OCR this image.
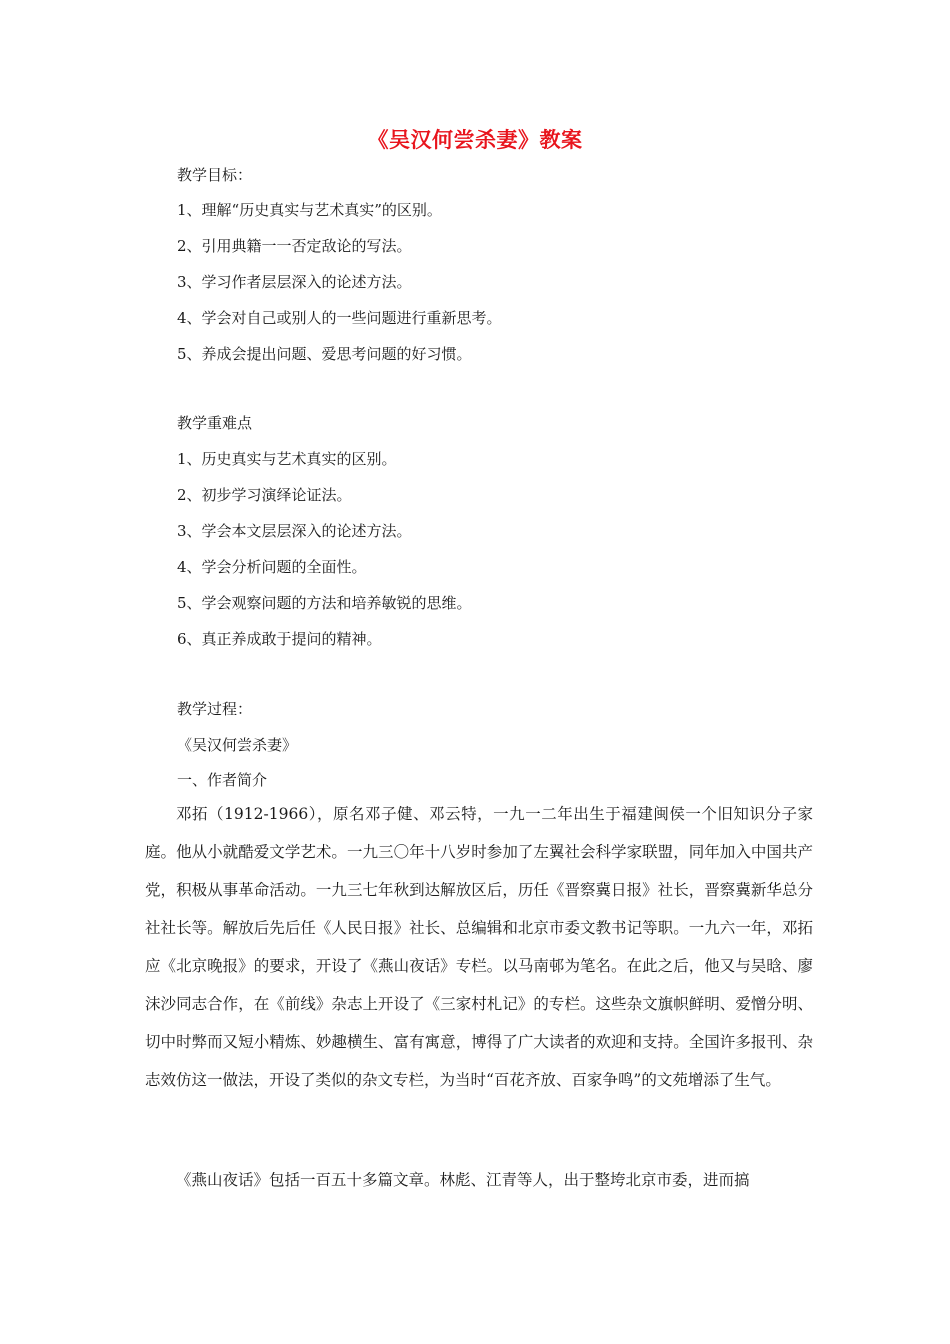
《吴汉何尝杀妻》教案
教学目标：
1、理解“历史真实与艺术真实”的区别。
2、引用典籍一一否定敌论的写法。
3、学习作者层层深入的论述方法。
4、学会对自己或别人的一些问题进行重新思考。
5、养成会提出问题、爱思考问题的好习惯。
教学重难点
1、历史真实与艺术真实的区别。
2、初步学习演绎论证法。
3、学会本文层层深入的论述方法。
4、学会分析问题的全面性。
5、学会观察问题的方法和培养敏锐的思维。
6、真正养成敢于提问的精神。
教学过程：
《吴汉何尝杀妻》
一、作者简介
邓拓（1912-1966），原名邓子健、邓云特，一九一二年出生于福建闽侯一个旧知识分子家庭。他从小就酷爱文学艺术。一九三〇年十八岁时参加了左翼社会科学家联盟，同年加入中国共产党，积极从事革命活动。一九三七年秋到达解放区后，历任《晋察冀日报》社长，晋察冀新华总分社社长等。解放后先后任《人民日报》社长、总编辑和北京市委文教书记等职。一九六一年，邓拓应《北京晚报》的要求，开设了《燕山夜话》专栏。以马南邨为笔名。在此之后，他又与吴晗、廖沫沙同志合作，在《前线》杂志上开设了《三家村札记》的专栏。这些杂文旗帜鲜明、爱憎分明、切中时弊而又短小精炼、妙趣横生、富有寓意，博得了广大读者的欢迎和支持。全国许多报刊、杂志效仿这一做法，开设了类似的杂文专栏，为当时“百花齐放、百家争鸣”的文苑增添了生气。
《燕山夜话》包括一百五十多篇文章。林彪、江青等人，出于整垮北京市委，进而搞
